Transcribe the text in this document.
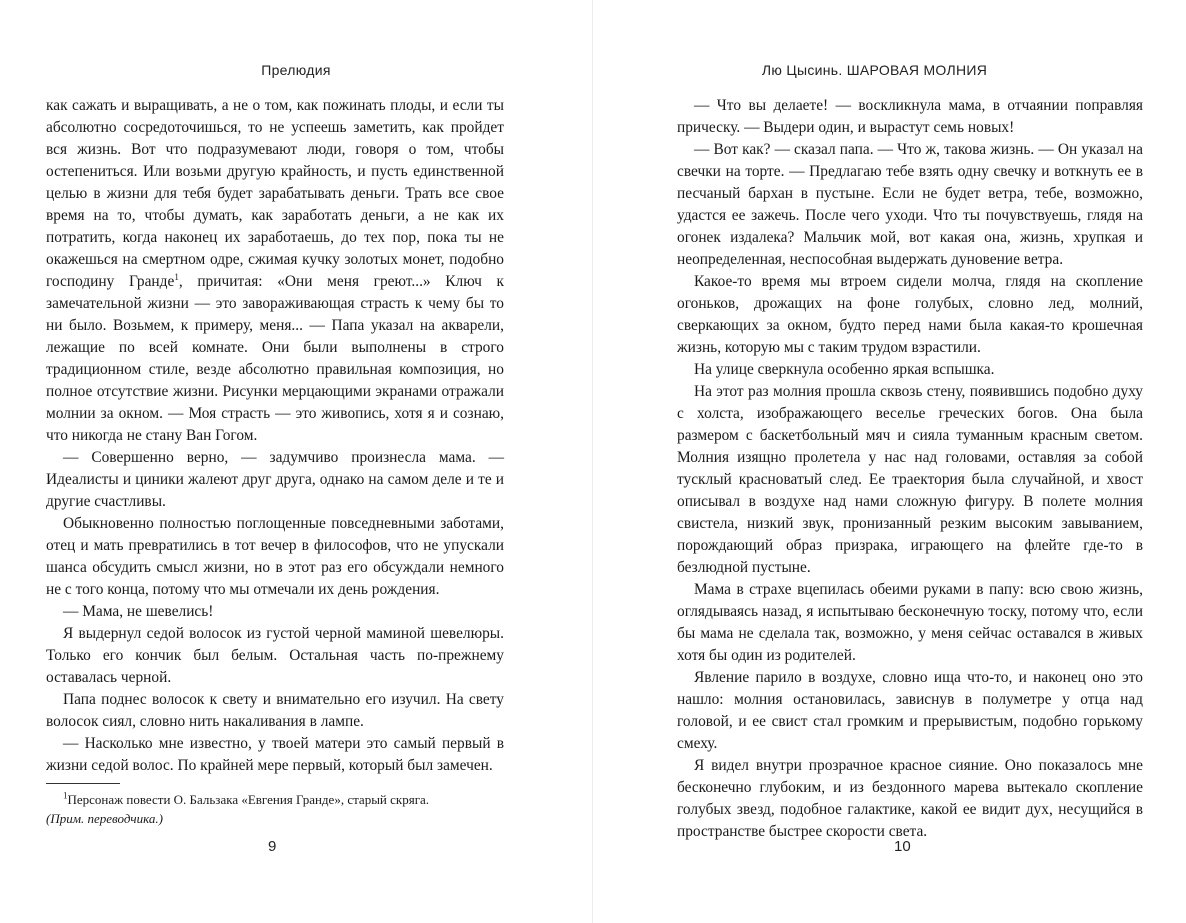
Прелюдия

как сажать и выращивать, а не о том, как пожинать плоды, и если ты абсолютно сосредоточишься, то не успеешь заметить, как пройдет вся жизнь. Вот что подразумевают люди, говоря о том, чтобы остепениться. Или возьми другую крайность, и пусть единственной целью в жизни для тебя будет зарабатывать деньги. Трать все свое время на то, чтобы думать, как заработать деньги, а не как их потратить, когда наконец их заработаешь, до тех пор, пока ты не окажешься на смертном одре, сжимая кучку золотых монет, подобно господину Гранде$^1$, причитая: «Они меня греют...» Ключ к замечательной жизни — это завораживающая страсть к чему бы то ни было. Возьмем, к примеру, меня... — Папа указал на акварели, лежащие по всей комнате. Они были выполнены в строго традиционном стиле, везде абсолютно правильная композиция, но полное отсутствие жизни. Рисунки мерцающими экранами отражали молнии за окном. — Моя страсть — это живопись, хотя я и сознаю, что никогда не стану Ван Гогом.

— Совершенно верно, — задумчиво произнесла мама. — Идеалисты и циники жалеют друг друга, однако на самом деле и те и другие счастливы.

Обыкновенно полностью поглощенные повседневными заботами, отец и мать превратились в тот вечер в философов, что не упускали шанса обсудить смысл жизни, но в этот раз его обсуждали немного не с того конца, потому что мы отмечали их день рождения.

— Мама, не шевелись!

Я выдернул седой волосок из густой черной маминой шевелюры. Только его кончик был белым. Остальная часть по-прежнему оставалась черной.

Папа поднес волосок к свету и внимательно его изучил. На свету волосок сиял, словно нить накаливания в лампе.

— Насколько мне известно, у твоей матери это самый первый в жизни седой волос. По крайней мере первый, который был замечен.

$^1$Персонаж повести О. Бальзака «Евгения Гранде», старый скряга.
(Прим. переводчика.)
9
Лю Цысинь. ШАРОВАЯ МОЛНИЯ

— Что вы делаете! — воскликнула мама, в отчаянии поправляя прическу. — Выдери один, и вырастут семь новых!

— Вот как? — сказал папа. — Что ж, такова жизнь. — Он указал на свечки на торте. — Предлагаю тебе взять одну свечку и воткнуть ее в песчаный бархан в пустыне. Если не будет ветра, тебе, возможно, удастся ее зажечь. После чего уходи. Что ты почувствуешь, глядя на огонек издалека? Мальчик мой, вот какая она, жизнь, хрупкая и неопределенная, неспособная выдержать дуновение ветра.

Какое-то время мы втроем сидели молча, глядя на скопление огоньков, дрожащих на фоне голубых, словно лед, молний, сверкающих за окном, будто перед нами была какая-то крошечная жизнь, которую мы с таким трудом взрастили.

На улице сверкнула особенно яркая вспышка.

На этот раз молния прошла сквозь стену, появившись подобно духу с холста, изображающего веселье греческих богов. Она была размером с баскетбольный мяч и сияла туманным красным светом. Молния изящно пролетела у нас над головами, оставляя за собой тусклый красноватый след. Ее траектория была случайной, и хвост описывал в воздухе над нами сложную фигуру. В полете молния свистела, низкий звук, пронизанный резким высоким завыванием, порождающий образ призрака, играющего на флейте где-то в безлюдной пустыне.

Мама в страхе вцепилась обеими руками в папу: всю свою жизнь, оглядываясь назад, я испытываю бесконечную тоску, потому что, если бы мама не сделала так, возможно, у меня сейчас оставался в живых хотя бы один из родителей.

Явление парило в воздухе, словно ища что-то, и наконец оно это нашло: молния остановилась, зависнув в полуметре у отца над головой, и ее свист стал громким и прерывистым, подобно горькому смеху.

Я видел внутри прозрачное красное сияние. Оно показалось мне бесконечно глубоким, и из бездонного марева вытекало скопление голубых звезд, подобное галактике, какой ее видит дух, несущийся в пространстве быстрее скорости света.

10
